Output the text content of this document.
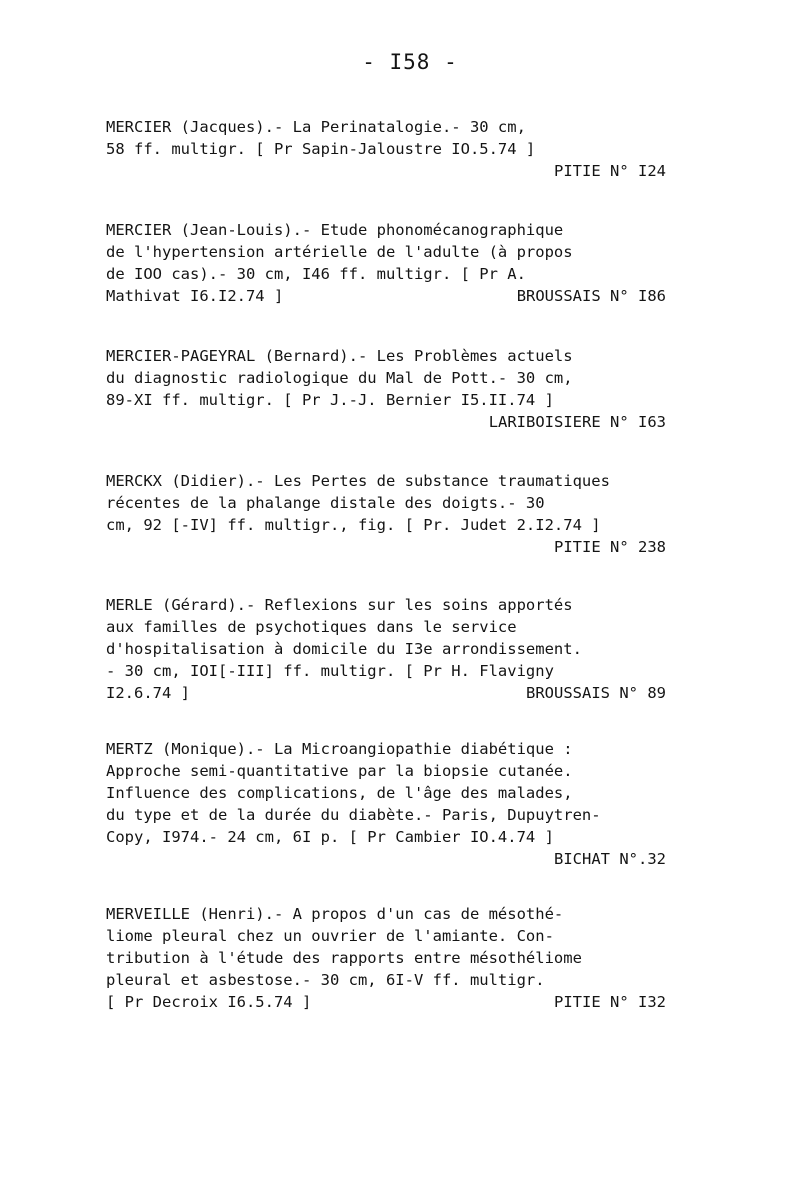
- I58 -
MERCIER (Jacques).- La Perinatalogie.- 30 cm,
58 ff. multigr. [ Pr Sapin-Jaloustre IO.5.74 ]
PITIE N° I24
MERCIER (Jean-Louis).- Etude phonomécanographique
de l'hypertension artérielle de l'adulte (à propos
de IOO cas).- 30 cm, I46 ff. multigr. [ Pr A.
Mathivat I6.I2.74 ]	BROUSSAIS N° I86
MERCIER-PAGEYRAL (Bernard).- Les Problèmes actuels
du diagnostic radiologique du Mal de Pott.- 30 cm,
89-XI ff. multigr. [ Pr J.-J. Bernier I5.II.74 ]
LARIBOISIERE N° I63
MERCKX (Didier).- Les Pertes de substance traumatiques
récentes de la phalange distale des doigts.- 30
cm, 92 [-IV] ff. multigr., fig. [ Pr. Judet 2.I2.74 ]
PITIE N° 238
MERLE (Gérard).- Reflexions sur les soins apportés
aux familles de psychotiques dans le service
d'hospitalisation à domicile du I3e arrondissement.
- 30 cm, IOI[-III] ff. multigr. [ Pr H. Flavigny
I2.6.74 ]	BROUSSAIS N° 89
MERTZ (Monique).- La Microangiopathie diabétique :
Approche semi-quantitative par la biopsie cutanée.
Influence des complications, de l'âge des malades,
du type et de la durée du diabète.- Paris, Dupuytren-
Copy, I974.- 24 cm, 6I p. [ Pr Cambier IO.4.74 ]
BICHAT N°.32
MERVEILLE (Henri).- A propos d'un cas de mésothé-
liome pleural chez un ouvrier de l'amiante. Con-
tribution à l'étude des rapports entre mésothéliome
pleural et asbestose.- 30 cm, 6I-V ff. multigr.
[ Pr Decroix I6.5.74 ]	PITIE N° I32
